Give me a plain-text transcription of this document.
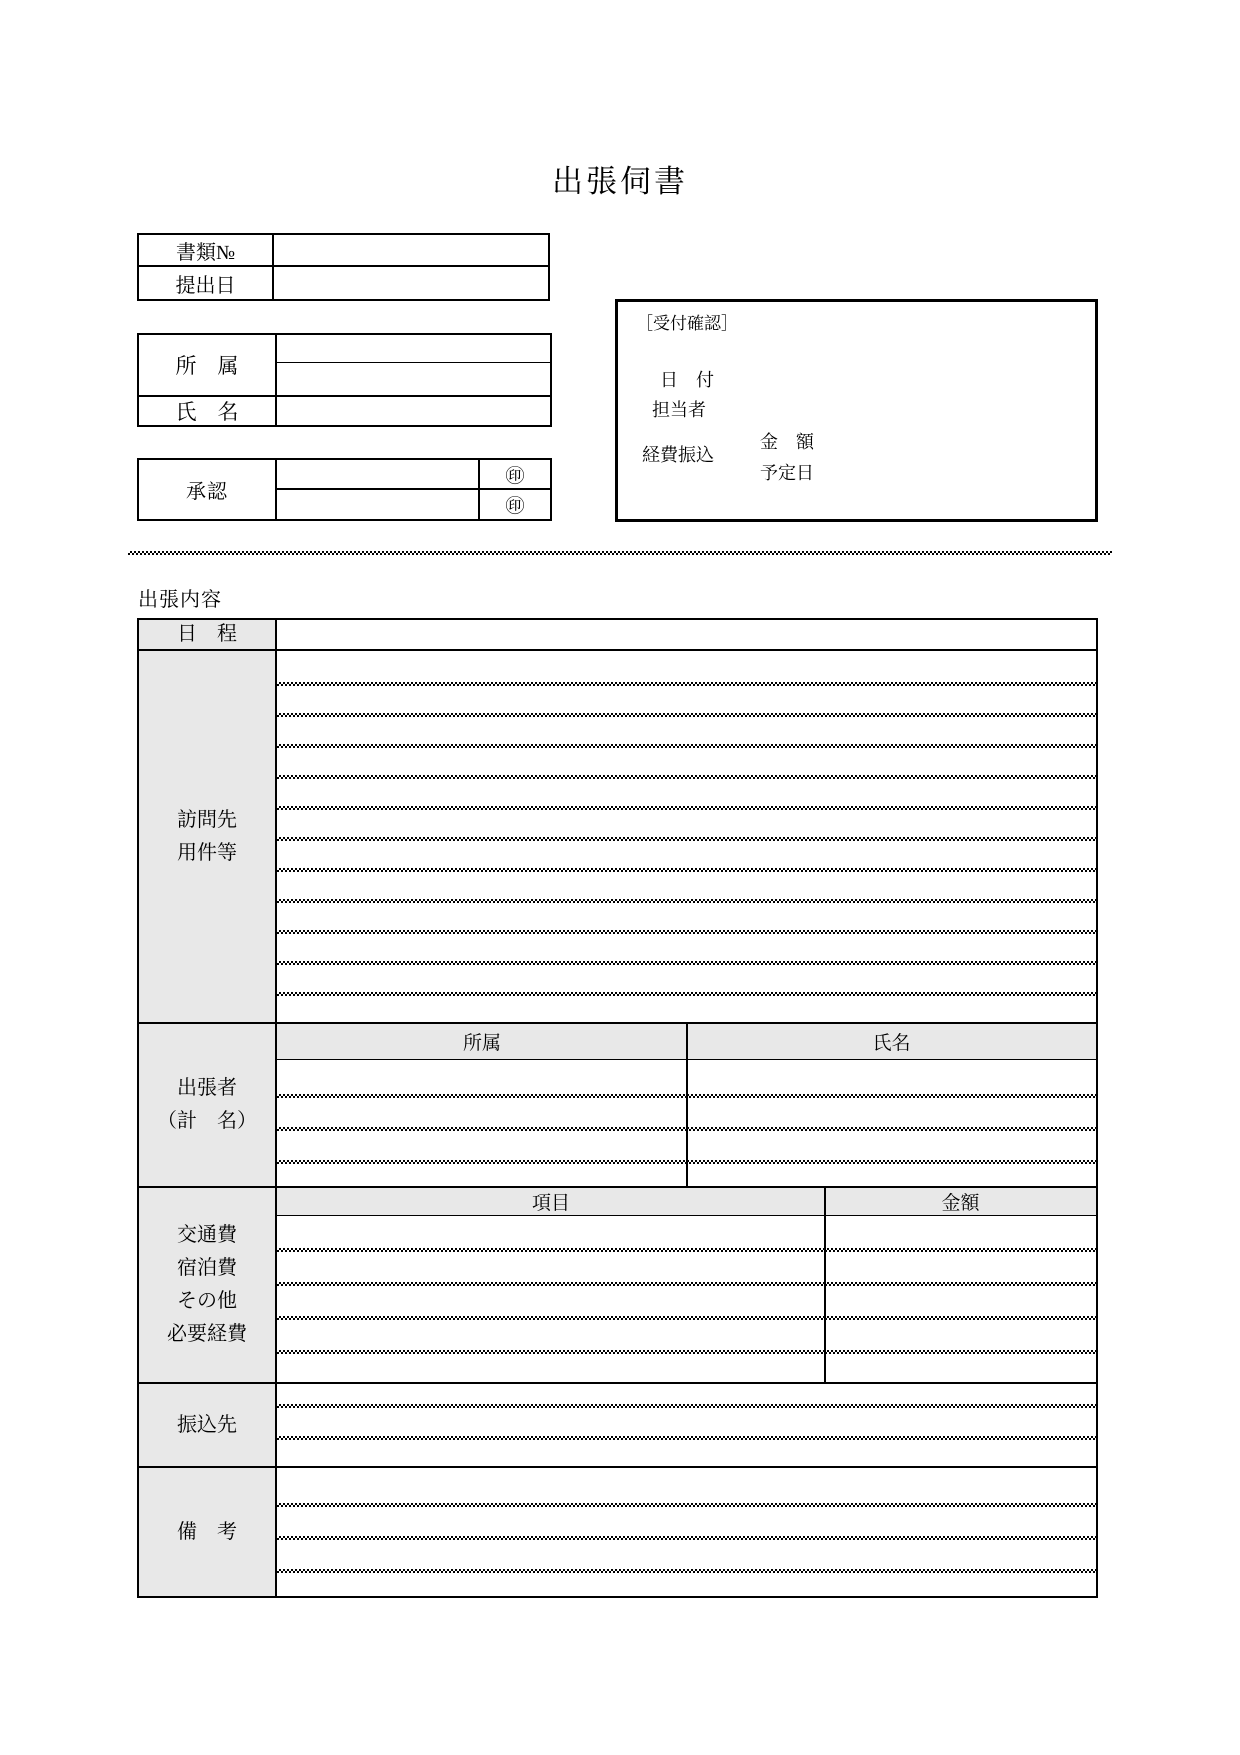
出張伺書
書類№
提出日
所　属
氏　名
承認
㊞
㊞
［受付確認］
日　付
担当者
経費振込
金　額
予定日
出張内容
日　程
訪問先
用件等
出張者
（計　名）
所属	氏名
交通費
宿泊費
その他
必要経費
項目	金額
振込先
備　考
